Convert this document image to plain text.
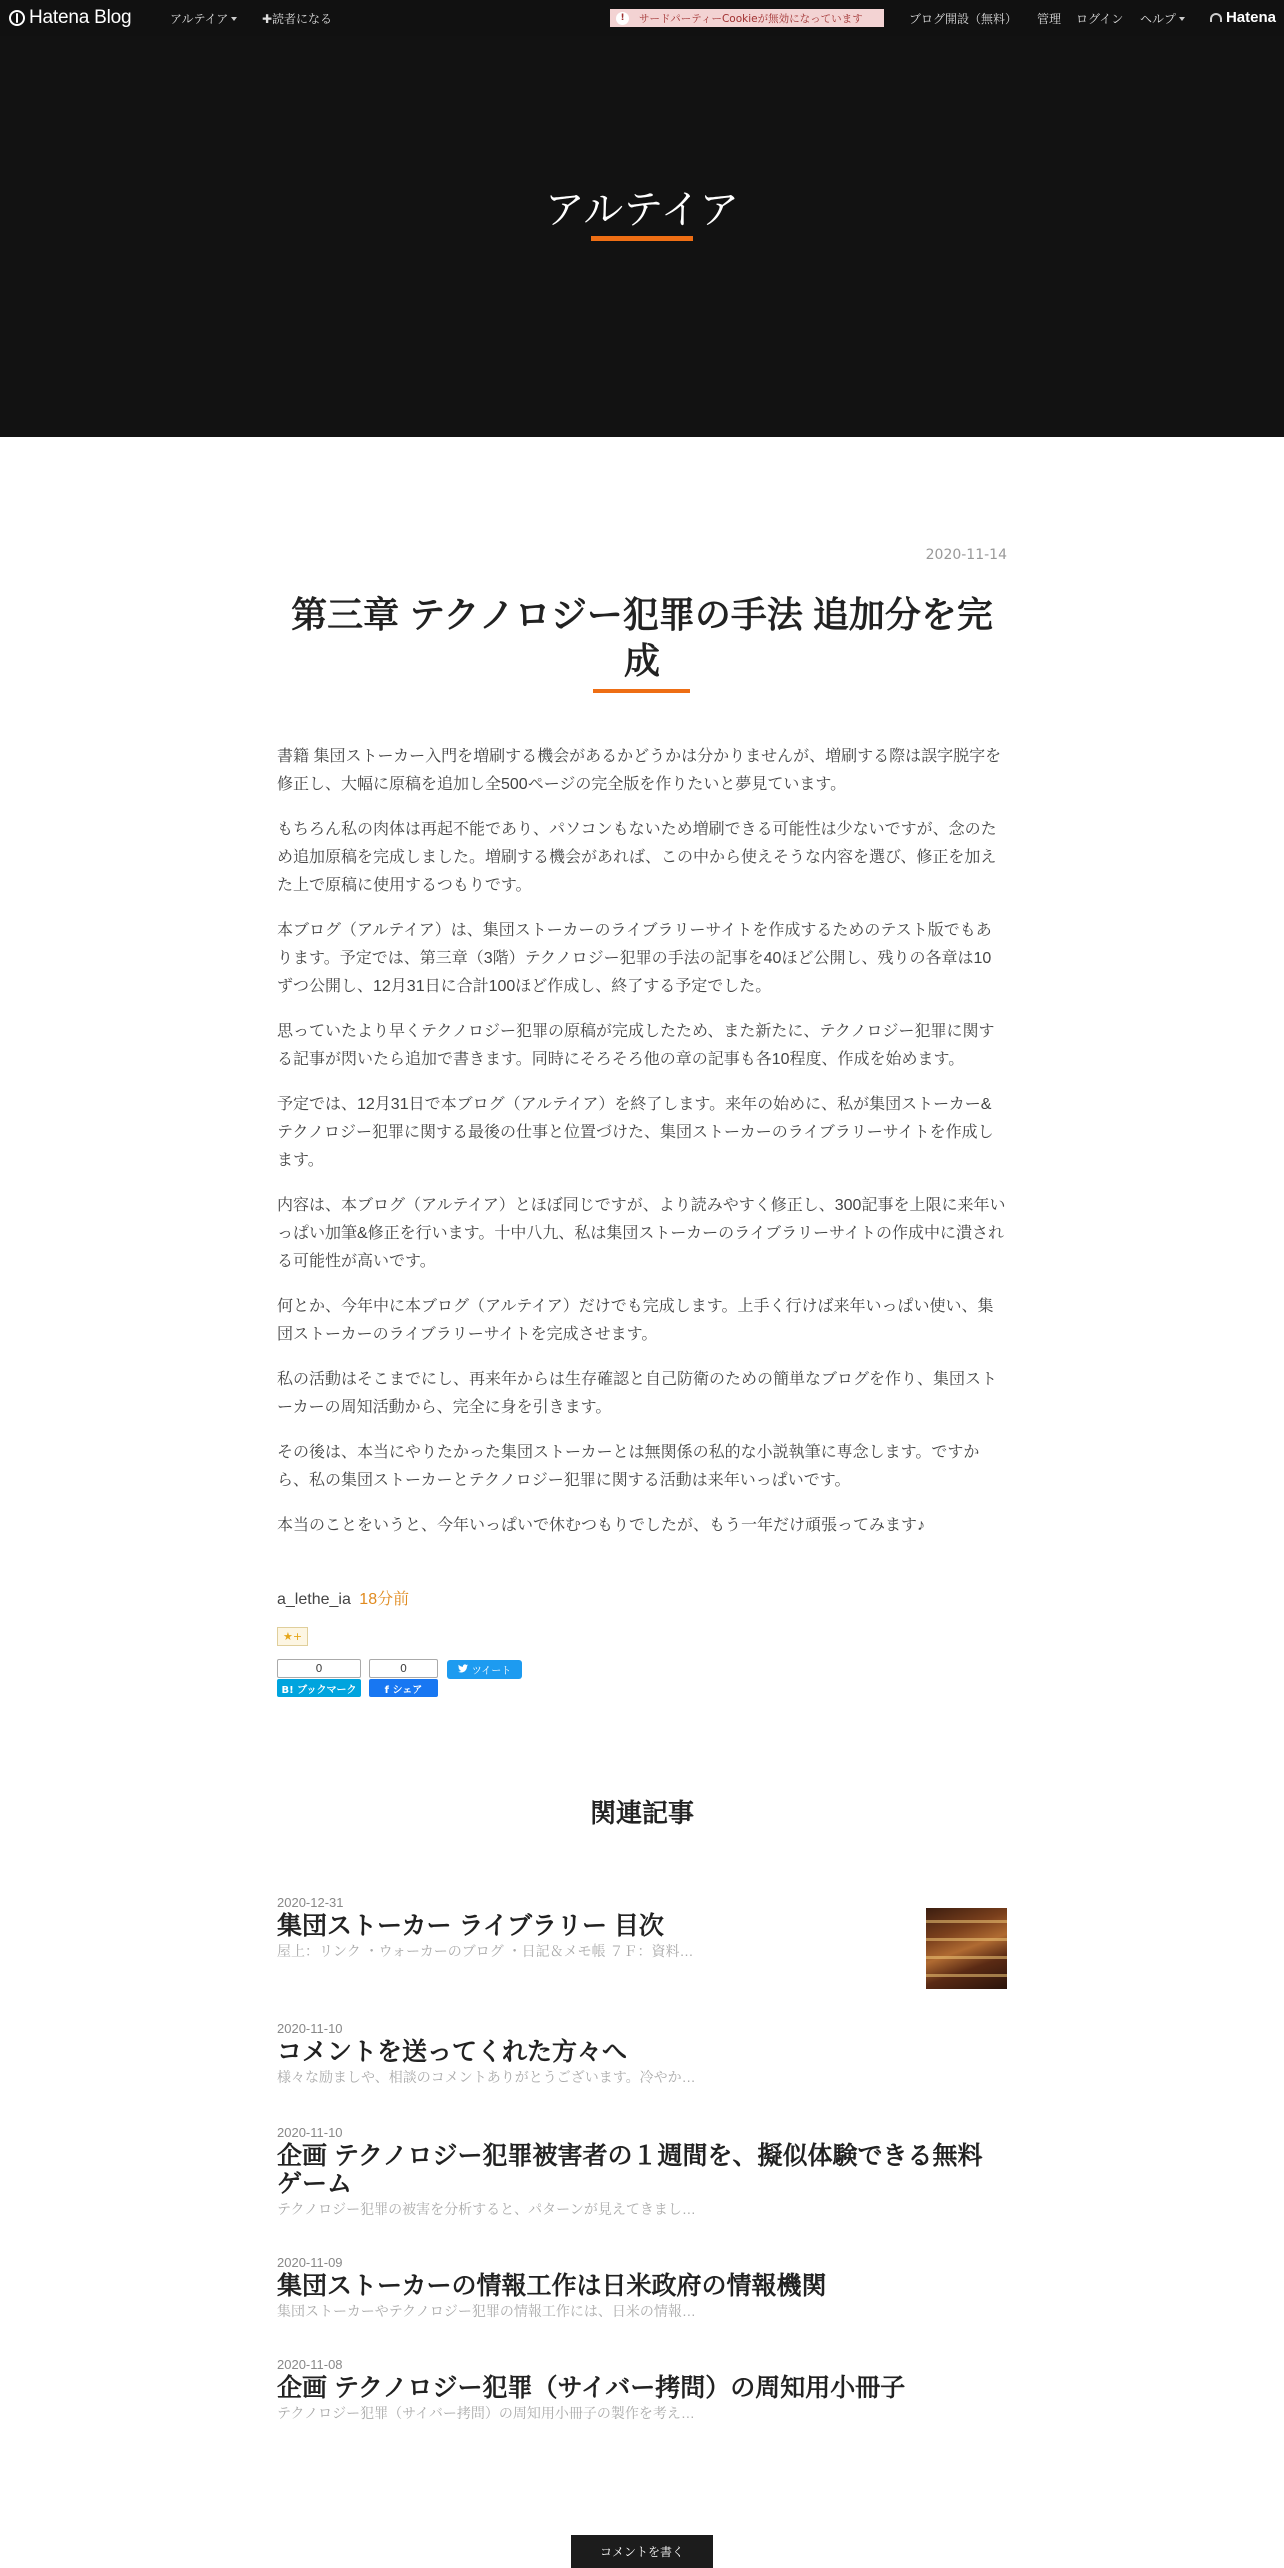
Hatena Blog	アルテイア	✚読者になる	!	サードパーティーCookieが無効になっています	ブログ開設（無料） 管理 ログイン ヘルプ	Hatena
アルテイア
2020-11-14
第三章 テクノロジー犯罪の手法 追加分を完成

書籍 集団ストーカー入門を増刷する機会があるかどうかは分かりませんが、増刷する際は誤字脱字を修正し、大幅に原稿を追加し全500ページの完全版を作りたいと夢見ています。

もちろん私の肉体は再起不能であり、パソコンもないため増刷できる可能性は少ないですが、念のため追加原稿を完成しました。増刷する機会があれば、この中から使えそうな内容を選び、修正を加えた上で原稿に使用するつもりです。

本ブログ（アルテイア）は、集団ストーカーのライブラリーサイトを作成するためのテスト版でもあります。予定では、第三章（3階）テクノロジー犯罪の手法の記事を40ほど公開し、残りの各章は10ずつ公開し、12月31日に合計100ほど作成し、終了する予定でした。

思っていたより早くテクノロジー犯罪の原稿が完成したため、また新たに、テクノロジー犯罪に関する記事が閃いたら追加で書きます。同時にそろそろ他の章の記事も各10程度、作成を始めます。

予定では、12月31日で本ブログ（アルテイア）を終了します。来年の始めに、私が集団ストーカー&テクノロジー犯罪に関する最後の仕事と位置づけた、集団ストーカーのライブラリーサイトを作成します。

内容は、本ブログ（アルテイア）とほぼ同じですが、より読みやすく修正し、300記事を上限に来年いっぱい加筆&修正を行います。十中八九、私は集団ストーカーのライブラリーサイトの作成中に潰される可能性が高いです。

何とか、今年中に本ブログ（アルテイア）だけでも完成します。上手く行けば来年いっぱい使い、集団ストーカーのライブラリーサイトを完成させます。

私の活動はそこまでにし、再来年からは生存確認と自己防衛のための簡単なブログを作り、集団ストーカーの周知活動から、完全に身を引きます。

その後は、本当にやりたかった集団ストーカーとは無関係の私的な小説執筆に専念します。ですから、私の集団ストーカーとテクノロジー犯罪に関する活動は来年いっぱいです。

本当のことをいうと、今年いっぱいで休むつもりでしたが、もう一年だけ頑張ってみます♪

a_lethe_ia 18分前
★+
0
B! ブックマーク
0
f シェア
ツイート
関連記事
2020-12-31
集団ストーカー ライブラリー 目次
屋上：リンク ・ウォーカーのブログ ・日記＆メモ帳 ７Ｆ：資料…
2020-11-10
コメントを送ってくれた方々へ
様々な励ましや、相談のコメントありがとうございます。冷やか…
2020-11-10
企画 テクノロジー犯罪被害者の１週間を、擬似体験できる無料ゲーム
テクノロジー犯罪の被害を分析すると、パターンが見えてきまし…
2020-11-09
集団ストーカーの情報工作は日米政府の情報機関
集団ストーカーやテクノロジー犯罪の情報工作には、日米の情報…
2020-11-08
企画 テクノロジー犯罪（サイバー拷問）の周知用小冊子
テクノロジー犯罪（サイバー拷問）の周知用小冊子の製作を考え…
コメントを書く
